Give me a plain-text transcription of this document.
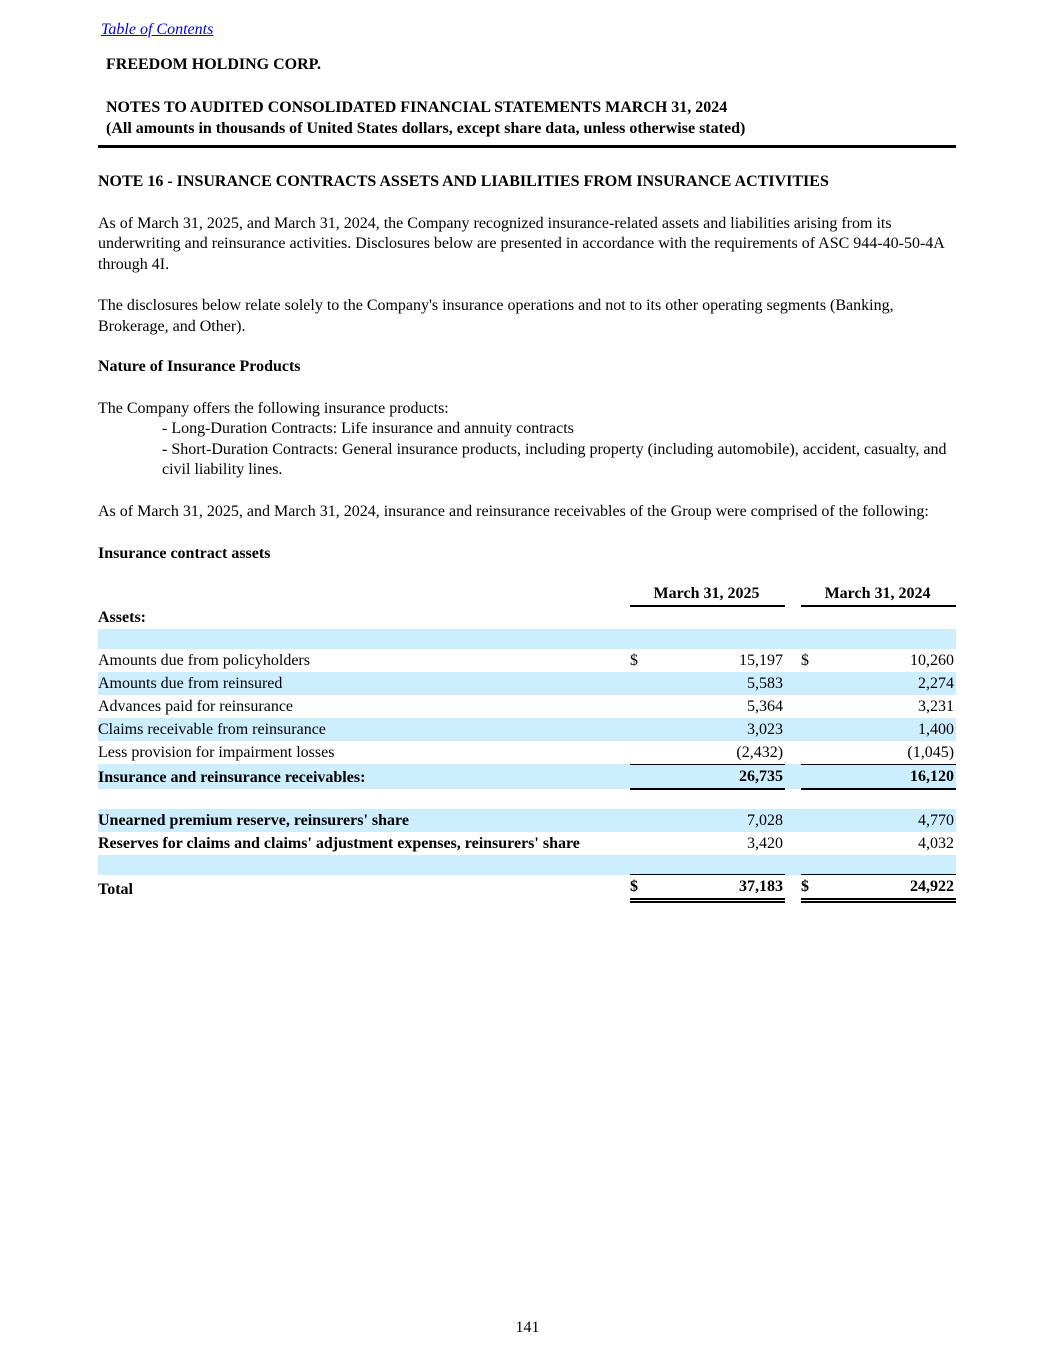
Table of Contents
FREEDOM HOLDING CORP.
NOTES TO AUDITED CONSOLIDATED FINANCIAL STATEMENTS MARCH 31, 2024
(All amounts in thousands of United States dollars, except share data, unless otherwise stated)
NOTE 16 - INSURANCE CONTRACTS ASSETS AND LIABILITIES FROM INSURANCE ACTIVITIES

As of March 31, 2025, and March 31, 2024, the Company recognized insurance-related assets and liabilities arising from its underwriting and reinsurance activities. Disclosures below are presented in accordance with the requirements of ASC 944-40-50-4A through 4I.

The disclosures below relate solely to the Company's insurance operations and not to its other operating segments (Banking, Brokerage, and Other).

Nature of Insurance Products
The Company offers the following insurance products:
- Long-Duration Contracts: Life insurance and annuity contracts
- Short-Duration Contracts: General insurance products, including property (including automobile), accident, casualty, and civil liability lines.

As of March 31, 2025, and March 31, 2024, insurance and reinsurance receivables of the Group were comprised of the following:

Insurance contract assets
	March 31, 2025			March 31, 2024	
Assets:					

Amounts due from policyholders	$	15,197		$	10,260
Amounts due from reinsured		5,583			2,274
Advances paid for reinsurance		5,364			3,231
Claims receivable from reinsurance		3,023			1,400
Less provision for impairment losses		(2,432)			(1,045)
Insurance and reinsurance receivables:		26,735			16,120

Unearned premium reserve, reinsurers' share		7,028			4,770
Reserves for claims and claims' adjustment expenses, reinsurers' share		3,420			4,032

Total	$	37,183		$	24,922
141
